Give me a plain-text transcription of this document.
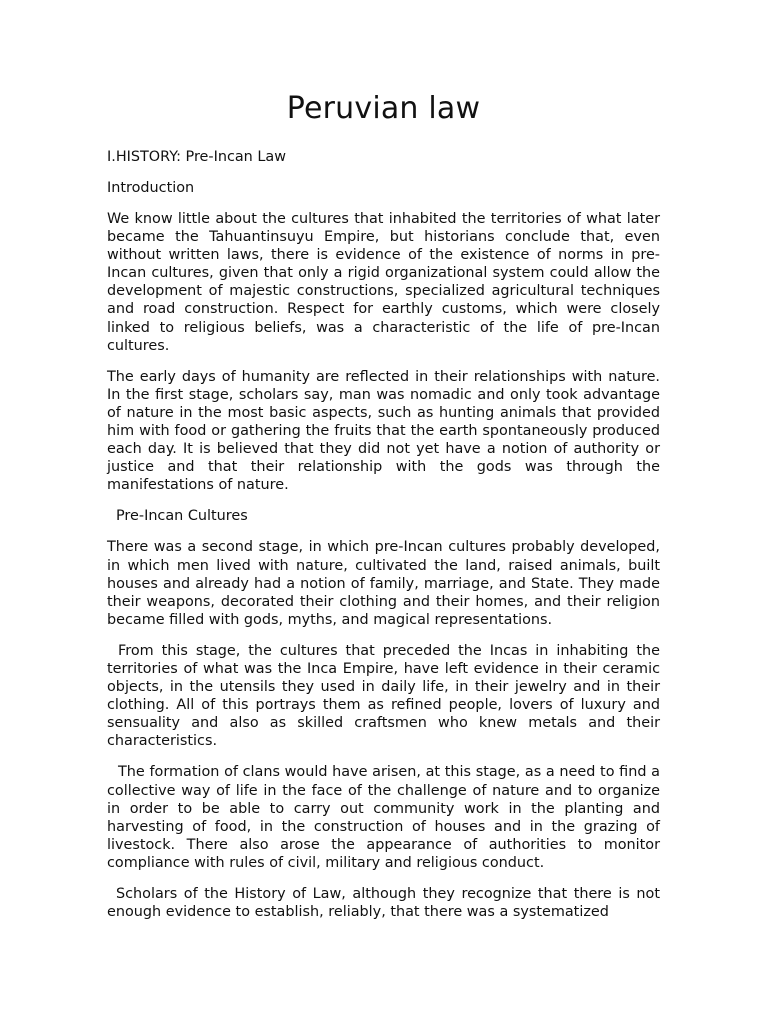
Peruvian law
I.HISTORY: Pre-Incan Law
Introduction

We know little about the cultures that inhabited the territories of what later became the Tahuantinsuyu Empire, but historians conclude that, even without written laws, there is evidence of the existence of norms in pre-Incan cultures, given that only a rigid organizational system could allow the development of majestic constructions, specialized agricultural techniques and road construction. Respect for earthly customs, which were closely linked to religious beliefs, was a characteristic of the life of pre-Incan cultures.

The early days of humanity are reflected in their relationships with nature. In the first stage, scholars say, man was nomadic and only took advantage of nature in the most basic aspects, such as hunting animals that provided him with food or gathering the fruits that the earth spontaneously produced each day. It is believed that they did not yet have a notion of authority or justice and that their relationship with the gods was through the manifestations of nature.

Pre-Incan Cultures

There was a second stage, in which pre-Incan cultures probably developed, in which men lived with nature, cultivated the land, raised animals, built houses and already had a notion of family, marriage, and State. They made their weapons, decorated their clothing and their homes, and their religion became filled with gods, myths, and magical representations.

From this stage, the cultures that preceded the Incas in inhabiting the territories of what was the Inca Empire, have left evidence in their ceramic objects, in the utensils they used in daily life, in their jewelry and in their clothing. All of this portrays them as refined people, lovers of luxury and sensuality and also as skilled craftsmen who knew metals and their characteristics.

The formation of clans would have arisen, at this stage, as a need to find a collective way of life in the face of the challenge of nature and to organize in order to be able to carry out community work in the planting and harvesting of food, in the construction of houses and in the grazing of livestock. There also arose the appearance of authorities to monitor compliance with rules of civil, military and religious conduct.

Scholars of the History of Law, although they recognize that there is not enough evidence to establish, reliably, that there was a systematized
